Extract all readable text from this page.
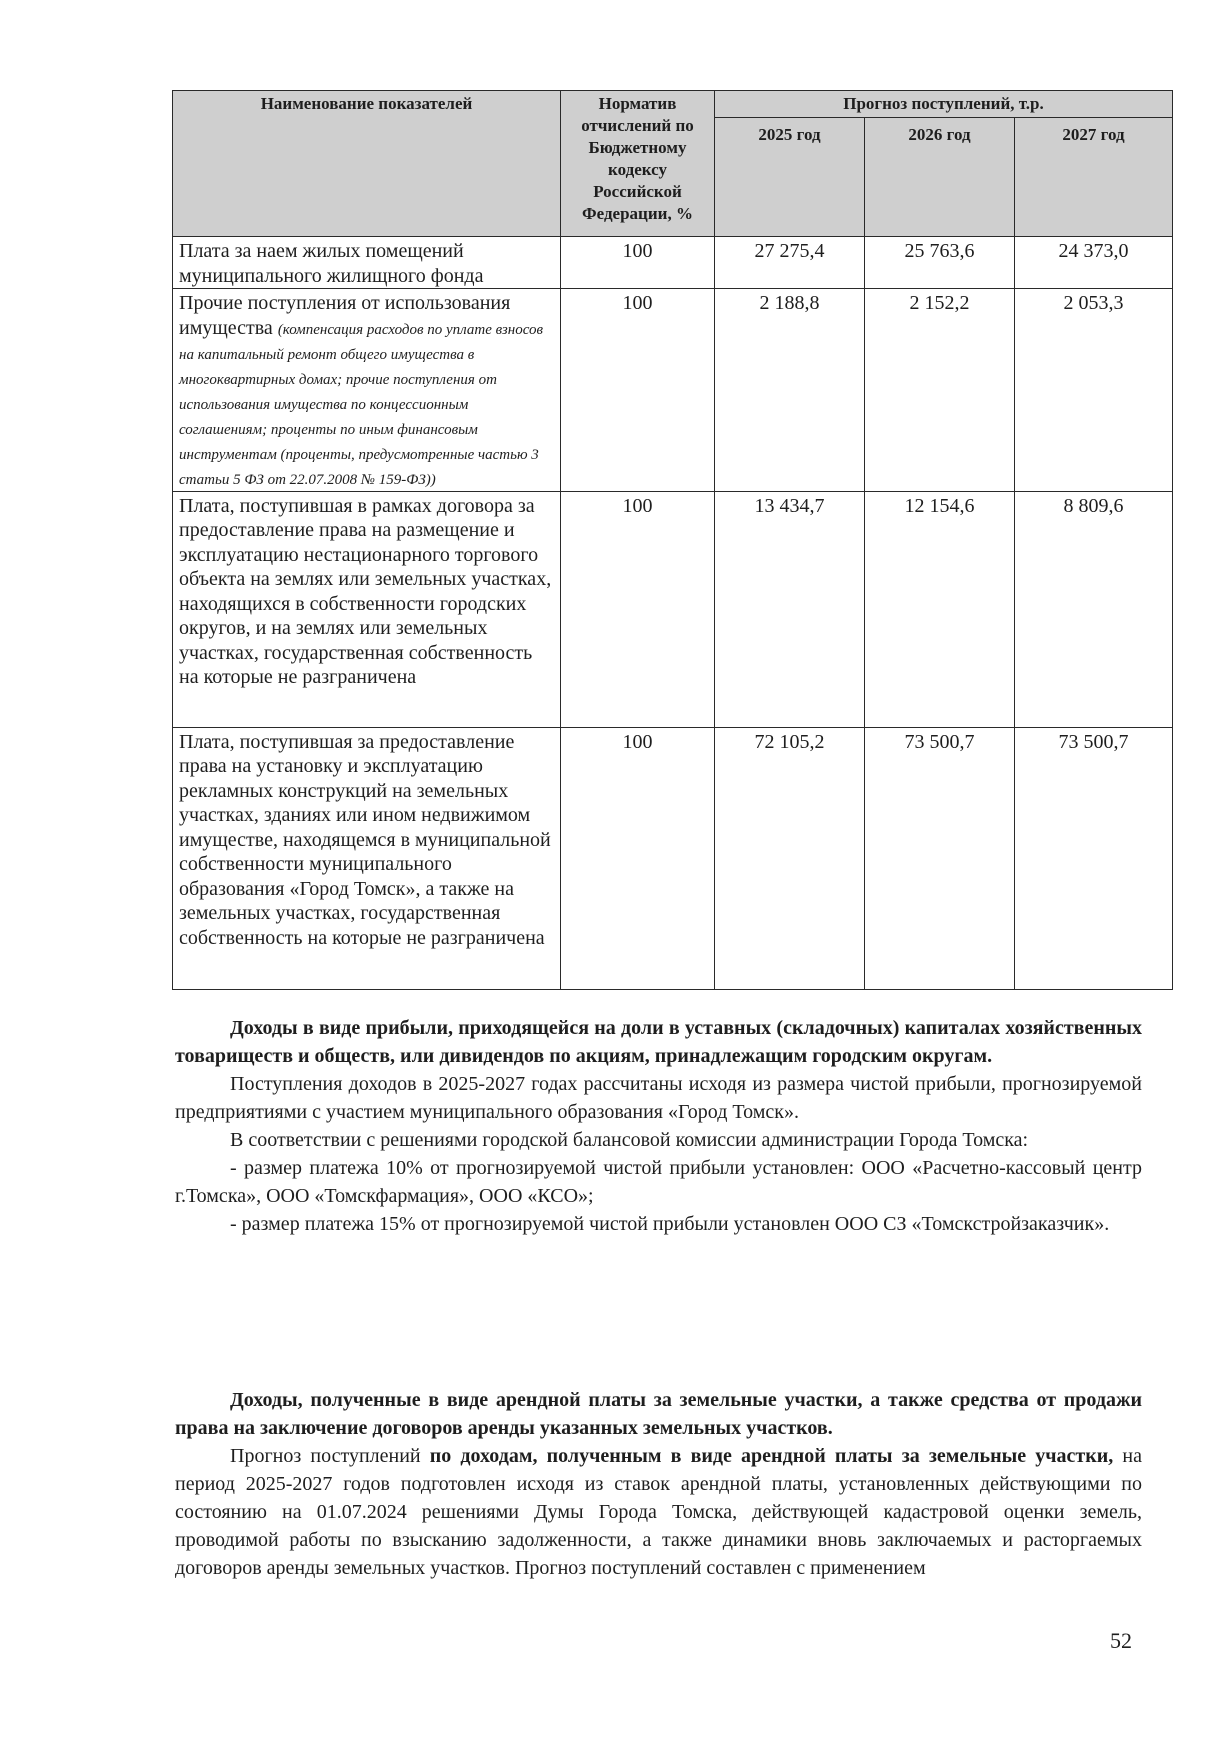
Наименование показателей	Норматив отчислений по Бюджетному кодексу Российской Федерации, %	Прогноз поступлений, т.р.		
		2025 год	2026 год	2027 год
Плата за наем жилых помещений муниципального жилищного фонда	100	27 275,4	25 763,6	24 373,0
Прочие поступления от использования имущества (компенсация расходов по уплате взносов на капитальный ремонт общего имущества в многоквартирных домах; прочие поступления от использования имущества по концессионным соглашениям; проценты по иным финансовым инструментам (проценты, предусмотренные частью 3 статьи 5 ФЗ от 22.07.2008 № 159-ФЗ))	100	2 188,8	2 152,2	2 053,3
Плата, поступившая в рамках договора за предоставление права на размещение и эксплуатацию нестационарного торгового объекта на землях или земельных участках, находящихся в собственности городских округов, и на землях или земельных участках, государственная собственность на которые не разграничена	100	13 434,7	12 154,6	8 809,6
Плата, поступившая за предоставление права на установку и эксплуатацию рекламных конструкций на земельных участках, зданиях или ином недвижимом имуществе, находящемся в муниципальной собственности муниципального образования «Город Томск», а также на земельных участках, государственная собственность на которые не разграничена	100	72 105,2	73 500,7	73 500,7

Доходы в виде прибыли, приходящейся на доли в уставных (складочных) капиталах хозяйственных товариществ и обществ, или дивидендов по акциям, принадлежащим городским округам.

Поступления доходов в 2025-2027 годах рассчитаны исходя из размера чистой прибыли, прогнозируемой предприятиями с участием муниципального образования «Город Томск».

В соответствии с решениями городской балансовой комиссии администрации Города Томска:

- размер платежа 10% от прогнозируемой чистой прибыли установлен: ООО «Расчетно-кассовый центр г.Томска», ООО «Томскфармация», ООО «КСО»;

- размер платежа 15% от прогнозируемой чистой прибыли установлен ООО СЗ «Томскстройзаказчик».

Доходы, полученные в виде арендной платы за земельные участки, а также средства от продажи права на заключение договоров аренды указанных земельных участков.

Прогноз поступлений по доходам, полученным в виде арендной платы за земельные участки, на период 2025-2027 годов подготовлен исходя из ставок арендной платы, установленных действующими по состоянию на 01.07.2024 решениями Думы Города Томска, действующей кадастровой оценки земель, проводимой работы по взысканию задолженности, а также динамики вновь заключаемых и расторгаемых договоров аренды земельных участков. Прогноз поступлений составлен с применением

52
